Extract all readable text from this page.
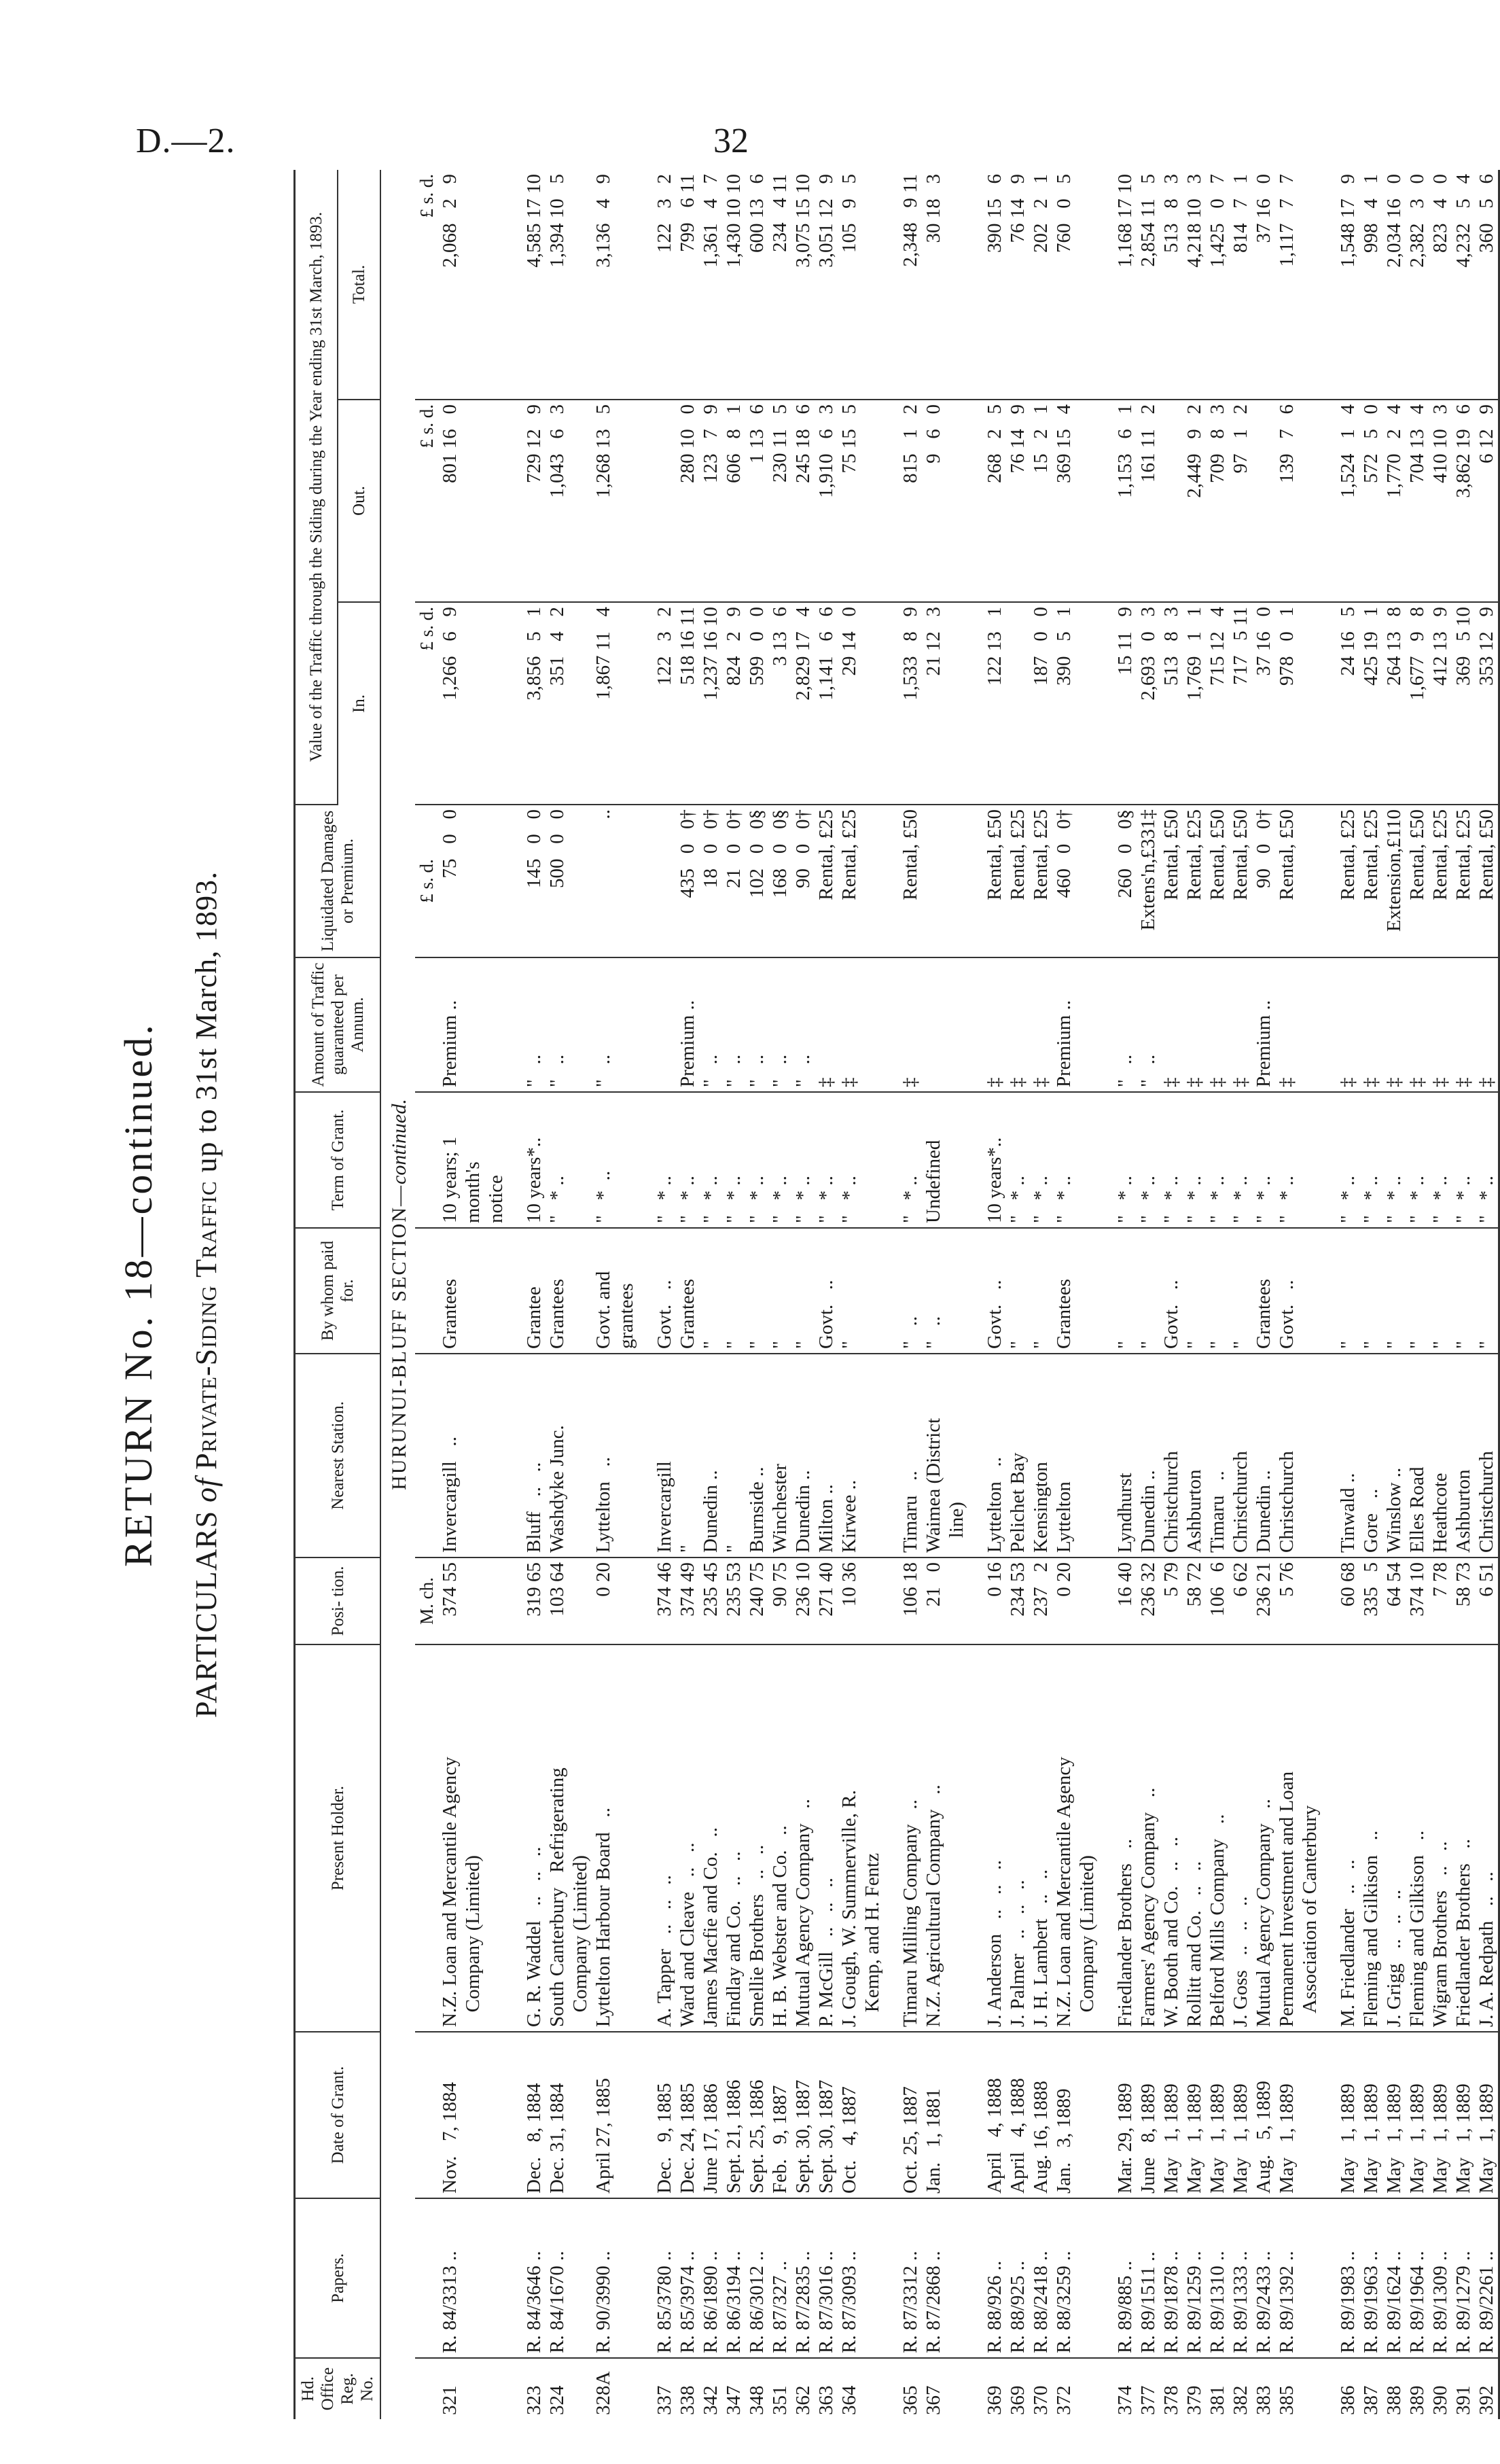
D.—2.	32
RETURN No. 18—continued.
PARTICULARS of Private-Siding Traffic up to 31st March, 1893.
Hd. Office Reg. No.	Papers.	Date of Grant.	Present Holder.	Posi- tion.	Nearest Station.	By whom paid for.	Term of Grant.	Amount of Traffic guaranteed per Annum.	Liquidated Damages or Premium.	Value of the Traffic through the Siding during the Year ending 31st March, 1893.		
										In.	Out.	Total.
HURUNUI-BLUFF SECTION—continued.												
				M. ch.					£ s. d.	£ s. d.	£ s. d.	£ s. d.
321	R. 84/3313 ..	Nov.   7, 1884	N.Z. Loan and Mercantile Agency	374 55	Invercargill   ..	Grantees	10 years; 1	Premium ..	75   0   0	1,266   6   9	801 16   0	2,068   2   9
			Company (Limited)				month's					
							notice					

323	R. 84/3646 ..	Dec.   8, 1884	G. R. Waddel   ..   ..   ..	319 65	Bluff   ..   ..	Grantee	10 years*..	"   ..	145   0   0	3,856   5   1	729 12   9	4,585 17 10
324	R. 84/1670 ..	Dec. 31, 1884	South Canterbury   Refrigerating	103 64	Washdyke Junc.	Grantees	"   * ..	"   ..	500   0   0	351   4   2	1,043   6   3	1,394 10   5
			Company (Limited)									
328A	R. 90/3990 ..	April 27, 1885	Lyttelton Harbour Board   ..	0 20	Lyttelton   ..	Govt. and	"   *  ..	"   ..	..	1,867 11   4	1,268 13   5	3,136   4   9
						grantees						

337	R. 85/3780 ..	Dec.   9, 1885	A. Tapper   ..   ..   ..	374 46	Invercargill	Govt.   ..	"   * ..			122   3   2		122   3   2
338	R. 85/3974 ..	Dec. 24, 1885	Ward and Cleave   ..   ..	374 49	"	Grantees	"   * ..	Premium ..	435   0   0†	518 16 11	280 10   0	799   6 11
342	R. 86/1890 ..	June 17, 1886	James Macfie and Co.   ..	235 45	Dunedin ..	"	"   * ..	"   ..	18   0   0†	1,237 16 10	123   7   9	1,361   4   7
347	R. 86/3194 ..	Sept. 21, 1886	Findlay and Co.   ..   ..	235 53	"	"	"   * ..	"   ..	21   0   0†	824   2   9	606   8   1	1,430 10 10
348	R. 86/3012 ..	Sept. 25, 1886	Smellie Brothers   ..   ..	240 75	Burnside ..	"	"   * ..	"   ..	102   0   0§	599   0   0	1 13   6	600 13   6
351	R. 87/327 ..	Feb.   9, 1887	H. B. Webster and Co.   ..	90 75	Winchester	"	"   * ..	"   ..	168   0   0§	3 13   6	230 11   5	234   4 11
362	R. 87/2835 ..	Sept. 30, 1887	Mutual Agency Company   ..	236 10	Dunedin ..	"	"   * ..	"   ..	90   0   0†	2,829 17   4	245 18   6	3,075 15 10
363	R. 87/3016 ..	Sept. 30, 1887	P. McGill   ..   ..   ..	271 40	Milton ..	Govt.   ..	"   * ..	‡	Rental, £25	1,141   6   6	1,910   6   3	3,051 12   9
364	R. 87/3093 ..	Oct.   4, 1887	J. Gough, W. Summerville, R.	10 36	Kirwee ..	"	"   * ..	‡	Rental, £25	29 14   0	75 15   5	105   9   5
			Kemp, and H. Fentz									

365	R. 87/3312 ..	Oct. 25, 1887	Timaru Milling Company   ..	106 18	Timaru   ..	"   ..	"   * ..	‡	Rental, £50	1,533   8   9	815   1   2	2,348   9 11
367	R. 87/2868 ..	Jan.   1, 1881	N.Z. Agricultural Company   ..	21   0	Waimea (District	"   ..	Undefined			21 12   3	9   6   0	30 18   3
					line)							

369	R. 88/926 ..	April   4, 1888	J. Anderson   ..   ..   ..	0 16	Lyttelton   ..	Govt.   ..	10 years*..	‡	Rental, £50	122 13   1	268   2   5	390 15   6
369	R. 88/925 ..	April   4, 1888	J. Palmer   ..   ..   ..	234 53	Pelichet Bay	"	"   * ..	‡	Rental, £25		76 14   9	76 14   9
370	R. 88/2418 ..	Aug. 16, 1888	J. H. Lambert   ..   ..	237   2	Kensington	"	"   * ..	‡	Rental, £25	187   0   0	15   2   1	202   2   1
372	R. 88/3259 ..	Jan.   3, 1889	N.Z. Loan and Mercantile Agency	0 20	Lyttelton	Grantees	"   * ..	Premium ..	460   0   0†	390   5   1	369 15   4	760   0   5
			Company (Limited)									

374	R. 89/885 ..	Mar. 29, 1889	Friedlander Brothers   ..	16 40	Lyndhurst	"	"   * ..	"   ..	260   0   0§	15 11   9	1,153   6   1	1,168 17 10
377	R. 89/1511 ..	June   8, 1889	Farmers' Agency Company   ..	236 32	Dunedin ..	"	"   * ..	"   ..	Extens'n,£331‡	2,693   0   3	161 11   2	2,854 11   5
378	R. 89/1878 ..	May   1, 1889	W. Booth and Co.   ..   ..	5 79	Christchurch	Govt.   ..	"   * ..	‡	Rental, £50	513   8   3		513   8   3
379	R. 89/1259 ..	May   1, 1889	Rollitt and Co.   ..   ..	58 72	Ashburton	"	"   * ..	‡	Rental, £25	1,769   1   1	2,449   9   2	4,218 10   3
381	R. 89/1310 ..	May   1, 1889	Belford Mills Company   ..	106   6	Timaru   ..	"	"   * ..	‡	Rental, £50	715 12   4	709   8   3	1,425   0   7
382	R. 89/1333 ..	May   1, 1889	J. Goss   ..   ..   ..	6 62	Christchurch	"	"   * ..	‡	Rental, £50	717   5 11	97   1   2	814   7   1
383	R. 89/2433 ..	Aug.   5, 1889	Mutual Agency Company   ..	236 21	Dunedin ..	Grantees	"   * ..	Premium ..	90   0   0†	37 16   0		37 16   0
385	R. 89/1392 ..	May   1, 1889	Permanent Investment and Loan	5 76	Christchurch	Govt.   ..	"   * ..	‡	Rental, £50	978   0   1	139   7   6	1,117   7   7
			Association of Canterbury									

386	R. 89/1983 ..	May   1, 1889	M. Friedlander   ..   ..	60 68	Tinwald ..	"	"   * ..	‡	Rental, £25	24 16   5	1,524   1   4	1,548 17   9
387	R. 89/1963 ..	May   1, 1889	Fleming and Gilkison   ..	335   5	Gore   ..	"	"   * ..	‡	Rental, £25	425 19   1	572   5   0	998   4   1
388	R. 89/1624 ..	May   1, 1889	J. Grigg   ..   ..   ..	64 54	Winslow ..	"	"   * ..	‡	Extension,£110	264 13   8	1,770   2   4	2,034 16   0
389	R. 89/1964 ..	May   1, 1889	Fleming and Gilkison   ..	374 10	Elles Road	"	"   * ..	‡	Rental, £50	1,677   9   8	704 13   4	2,382   3   0
390	R. 89/1309 ..	May   1, 1889	Wigram Brothers   ..   ..	7 78	Heathcote	"	"   * ..	‡	Rental, £25	412 13   9	410 10   3	823   4   0
391	R. 89/1279 ..	May   1, 1889	Friedlander Brothers   ..	58 73	Ashburton	"	"   * ..	‡	Rental, £25	369   5 10	3,862 19   6	4,232   5   4
392	R. 89/2261 ..	May   1, 1889	J. A. Redpath   ..   ..	6 51	Christchurch	"	"   * ..	‡	Rental, £50	353 12   9	6 12   9	360   5   6
